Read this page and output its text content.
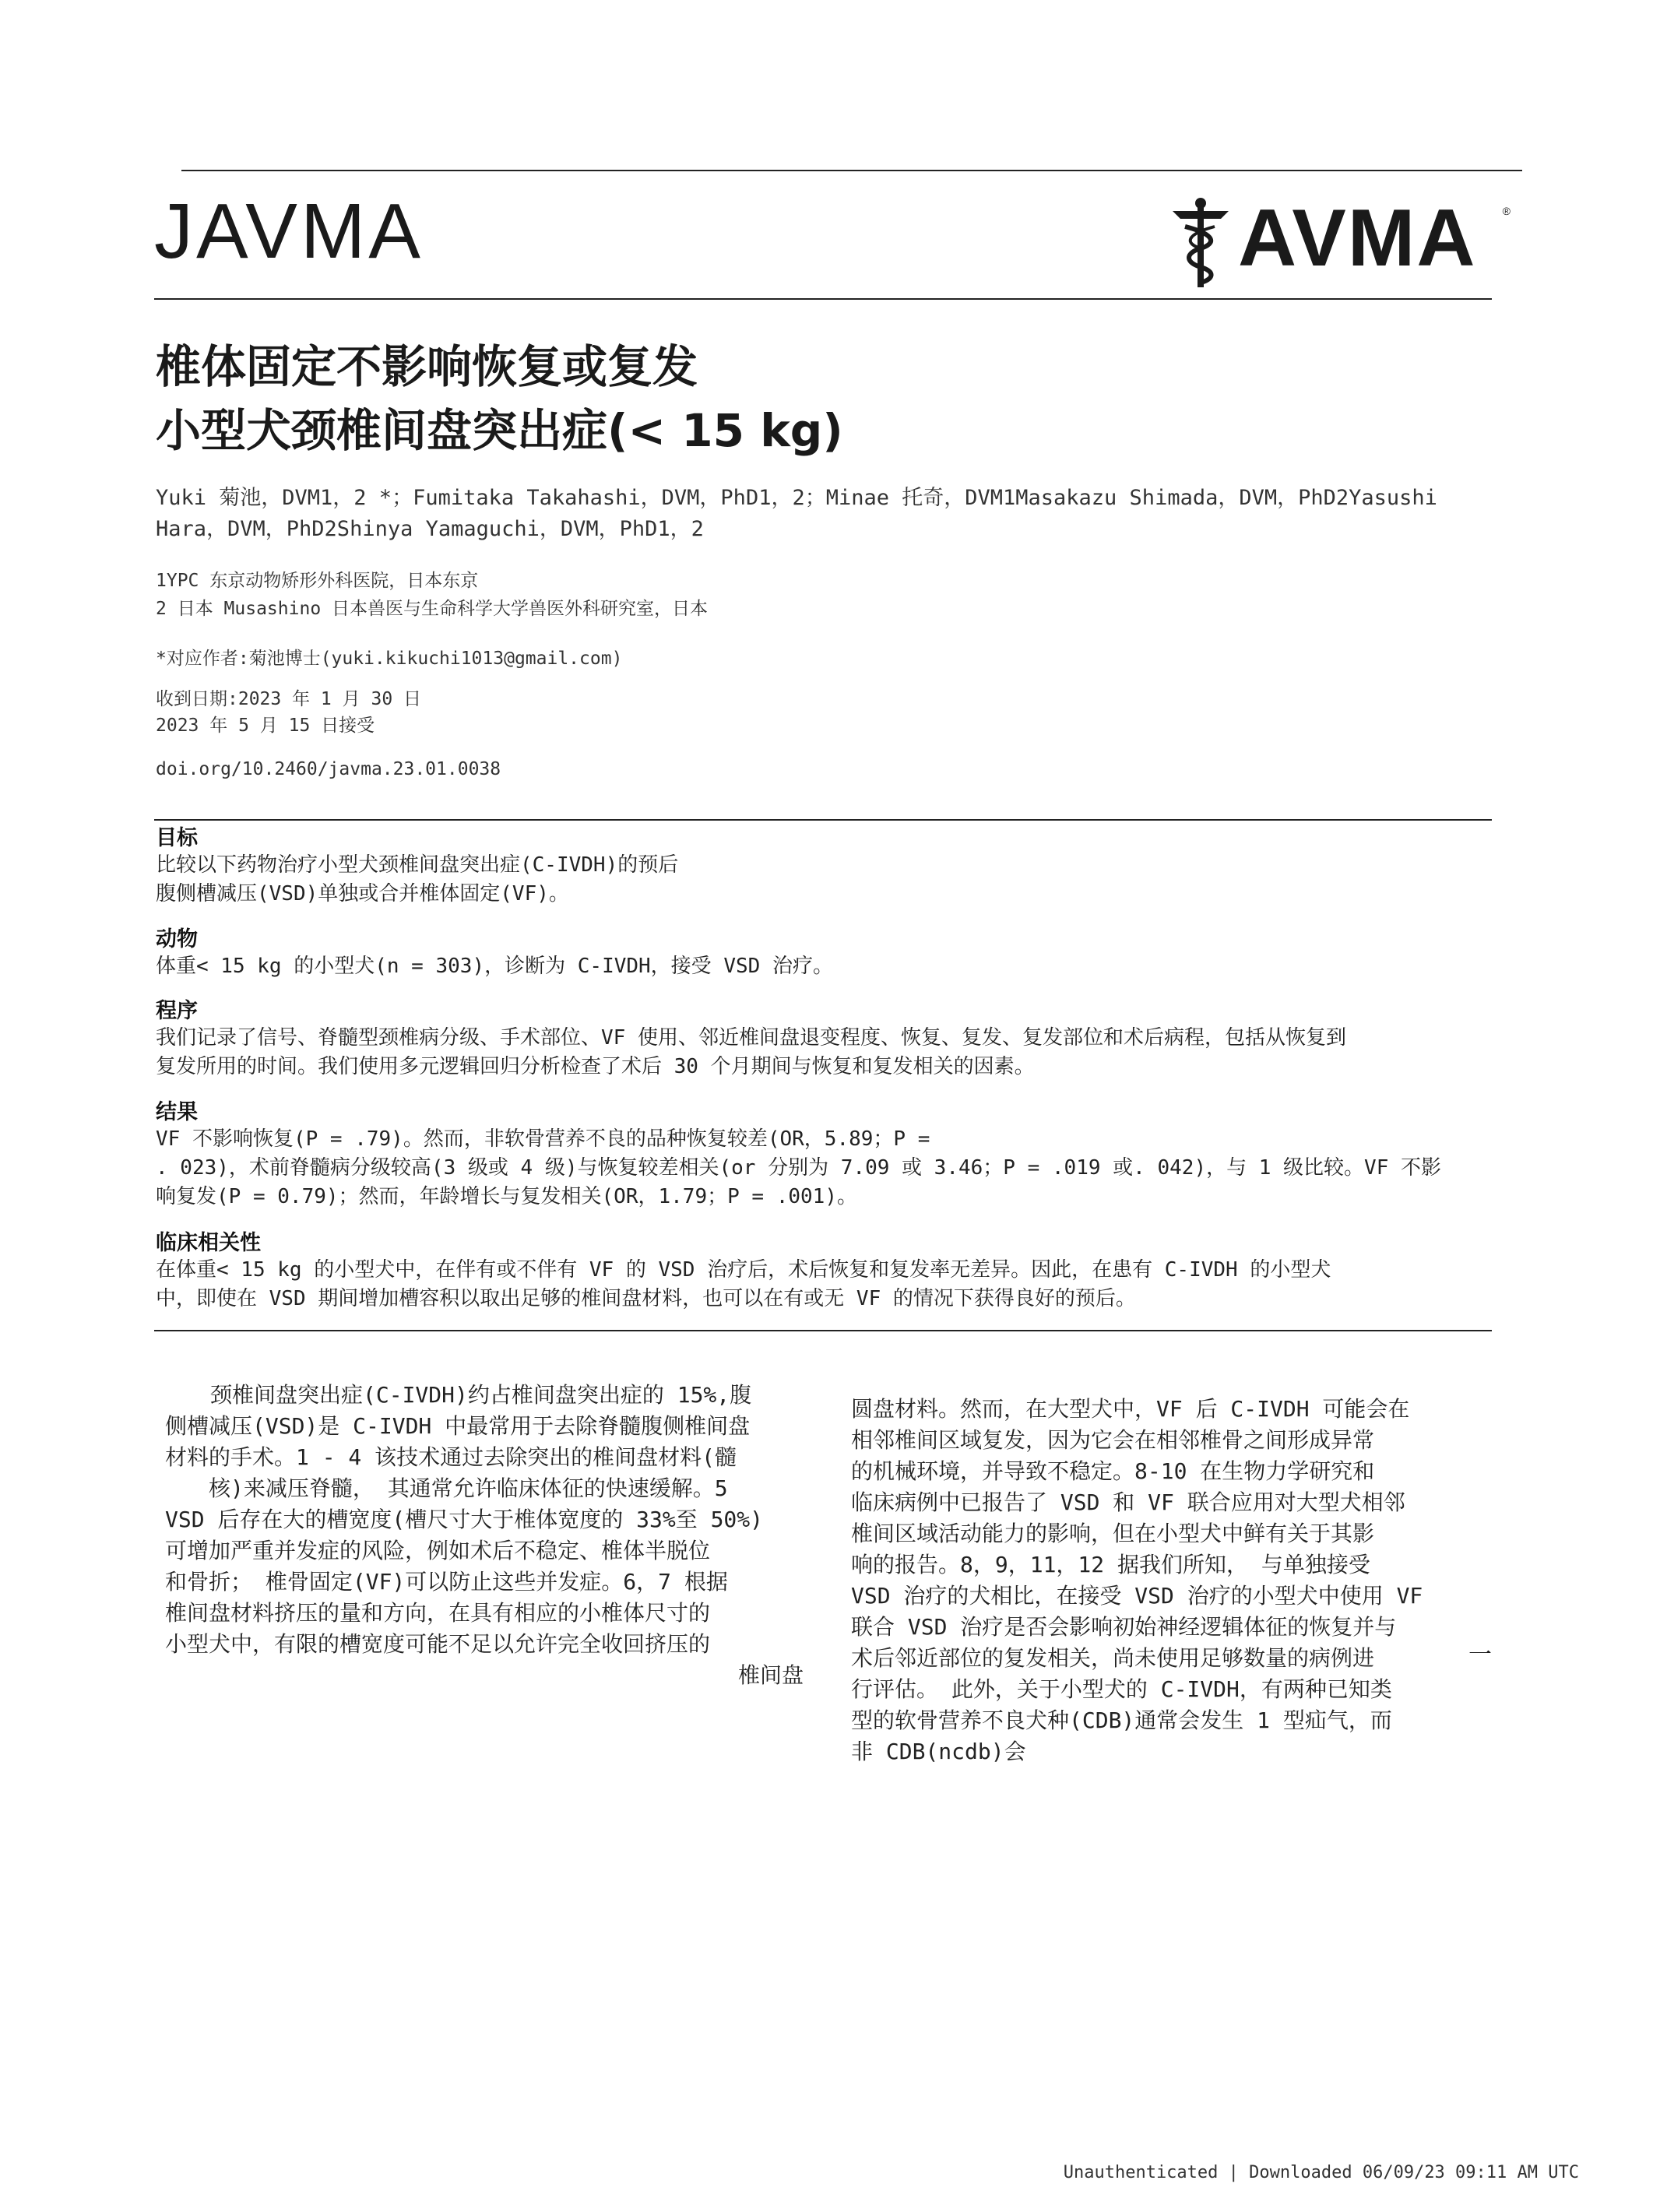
JAVMA	AVMA ®
椎体固定不影响恢复或复发
小型犬颈椎间盘突出症(< 15 kg)
Yuki 菊池，DVM1，2 *；Fumitaka Takahashi，DVM，PhD1，2；Minae 托奇，DVM1Masakazu Shimada，DVM，PhD2Yasushi Hara，DVM，PhD2Shinya Yamaguchi，DVM，PhD1，2
1YPC 东京动物矫形外科医院，日本东京
2 日本 Musashino 日本兽医与生命科学大学兽医外科研究室，日本
*对应作者:菊池博士(yuki.kikuchi1013@gmail.com)
收到日期:2023 年 1 月 30 日
2023 年 5 月 15 日接受
doi.org/10.2460/javma.23.01.0038
目标
比较以下药物治疗小型犬颈椎间盘突出症(C-IVDH)的预后
腹侧槽减压(VSD)单独或合并椎体固定(VF)。
动物
体重< 15 kg 的小型犬(n = 303)，诊断为 C-IVDH，接受 VSD 治疗。
程序
我们记录了信号、脊髓型颈椎病分级、手术部位、VF 使用、邻近椎间盘退变程度、恢复、复发、复发部位和术后病程，包括从恢复到
复发所用的时间。我们使用多元逻辑回归分析检查了术后 30 个月期间与恢复和复发相关的因素。
结果
VF 不影响恢复(P = .79)。然而，非软骨营养不良的品种恢复较差(OR，5.89；P =
. 023)，术前脊髓病分级较高(3 级或 4 级)与恢复较差相关(or 分别为 7.09 或 3.46；P = .019 或. 042)，与 1 级比较。VF 不影
响复发(P = 0.79)；然而，年龄增长与复发相关(OR，1.79；P = .001)。
临床相关性
在体重< 15 kg 的小型犬中，在伴有或不伴有 VF 的 VSD 治疗后，术后恢复和复发率无差异。因此，在患有 C-IVDH 的小型犬
中，即使在 VSD 期间增加槽容积以取出足够的椎间盘材料，也可以在有或无 VF 的情况下获得良好的预后。
颈椎间盘突出症(C-IVDH)约占椎间盘突出症的 15%,腹
侧槽减压(VSD)是 C-IVDH 中最常用于去除脊髓腹侧椎间盘
材料的手术。1 - 4 该技术通过去除突出的椎间盘材料(髓
核)来减压脊髓， 其通常允许临床体征的快速缓解。5
VSD 后存在大的槽宽度(槽尺寸大于椎体宽度的 33%至 50%)
可增加严重并发症的风险，例如术后不稳定、椎体半脱位
和骨折； 椎骨固定(VF)可以防止这些并发症。6，7 根据
椎间盘材料挤压的量和方向，在具有相应的小椎体尺寸的
小型犬中，有限的槽宽度可能不足以允许完全收回挤压的
椎间盘
圆盘材料。然而，在大型犬中，VF 后 C-IVDH 可能会在
相邻椎间区域复发，因为它会在相邻椎骨之间形成异常
的机械环境，并导致不稳定。8-10 在生物力学研究和
临床病例中已报告了 VSD 和 VF 联合应用对大型犬相邻
椎间区域活动能力的影响，但在小型犬中鲜有关于其影
响的报告。8，9，11，12 据我们所知， 与单独接受
VSD 治疗的犬相比，在接受 VSD 治疗的小型犬中使用 VF
联合 VSD 治疗是否会影响初始神经逻辑体征的恢复并与
术后邻近部位的复发相关，尚未使用足够数量的病例进
行评估。 此外，关于小型犬的 C-IVDH，有两种已知类
型的软骨营养不良犬种(CDB)通常会发生 1 型疝气，而
非 CDB(ncdb)会
一
Unauthenticated | Downloaded 06/09/23 09:11 AM UTC
